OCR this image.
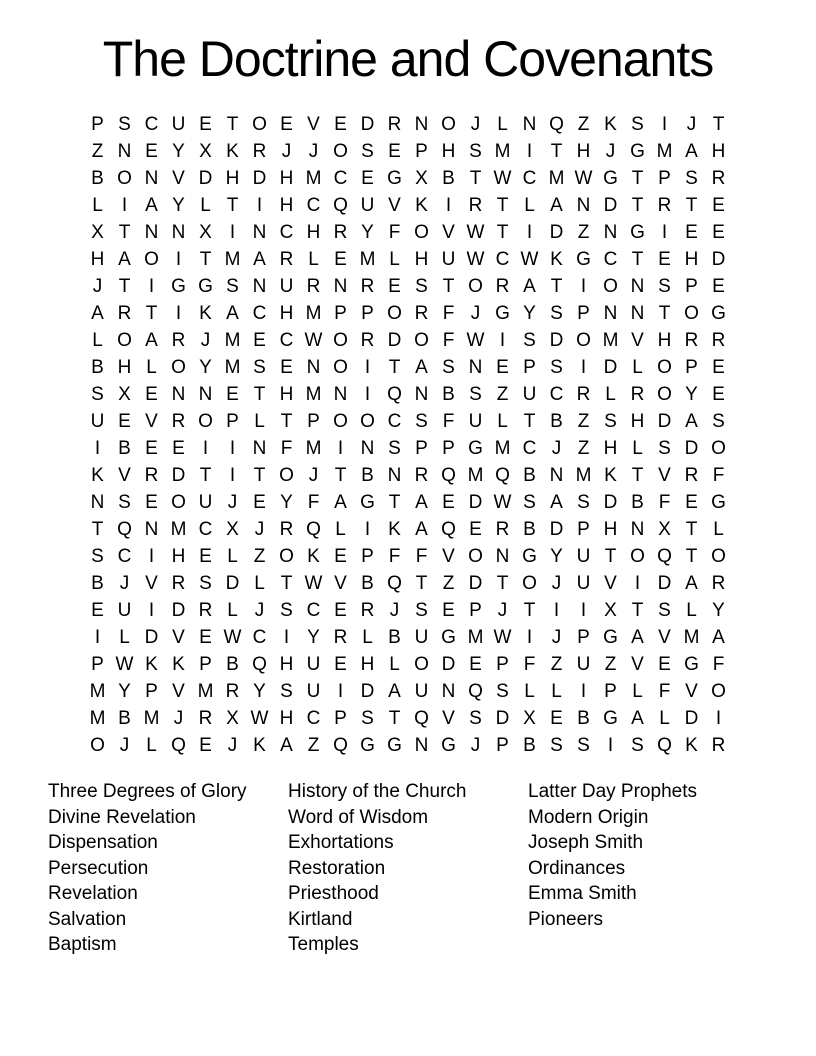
The Doctrine and Covenants
P S C U E T O E V E D R N O J L N Q Z K S I	J T
Z N E Y X K R J J O S E P H S M I T H J G M A H
B O N V D H D H M C E G X B T W C M W G T P S R
L	I A Y L T I H C Q U V K I R T L A N D T R T E
X T N N X I N C H R Y F O V W T I D Z N G I E E
H A O I T M A R L E M L H U W C W K G C T E H D
J T I G G S N U R N R E S T O R A T I O N S P E
A R T I K A C H M P P O R F J G Y S P N N T O G
L O A R J M E C W O R D O F W I S D O M V H R R
B H L O Y M S E N O I T A S N E P S I D L O P E
S X E N N E T H M N I Q N B S Z U C R L R O Y E
U E V R O P L T P O O C S F U L T B Z S H D A S
I B E E I	I N F M I N S P P G M C J Z H L S D O
K V R D T I T O J T B N R Q M Q B N M K T V R F
N S E O U J E Y F A G T A E D W S A S D B F E G
T Q N M C X J R Q L	I K A Q E R B D P H N X T L
S C I H E L Z O K E P F F V O N G Y U T O Q T O
B J V R S D L T W V B Q T Z D T O J U V I D A R
E U I D R L J S C E R J S E P J T I	I X T S L Y
I	L D V E W C I Y R L B U G M W I	J P G A V M A
P W K K P B Q H U E H L O D E P F Z U Z V E G F
M Y P V M R Y S U I D A U N Q S L L	I P L F V O
M B M J R X W H C P S T Q V S D X E B G A L D I
O J L Q E J K A Z Q G G N G J P B S S I S Q K R
Three Degrees of Glory
Divine Revelation
Dispensation
Persecution
Revelation
Salvation
Baptism
History of the Church
Word of Wisdom
Exhortations
Restoration
Priesthood
Kirtland
Temples
Latter Day Prophets
Modern Origin
Joseph Smith
Ordinances
Emma Smith
Pioneers
